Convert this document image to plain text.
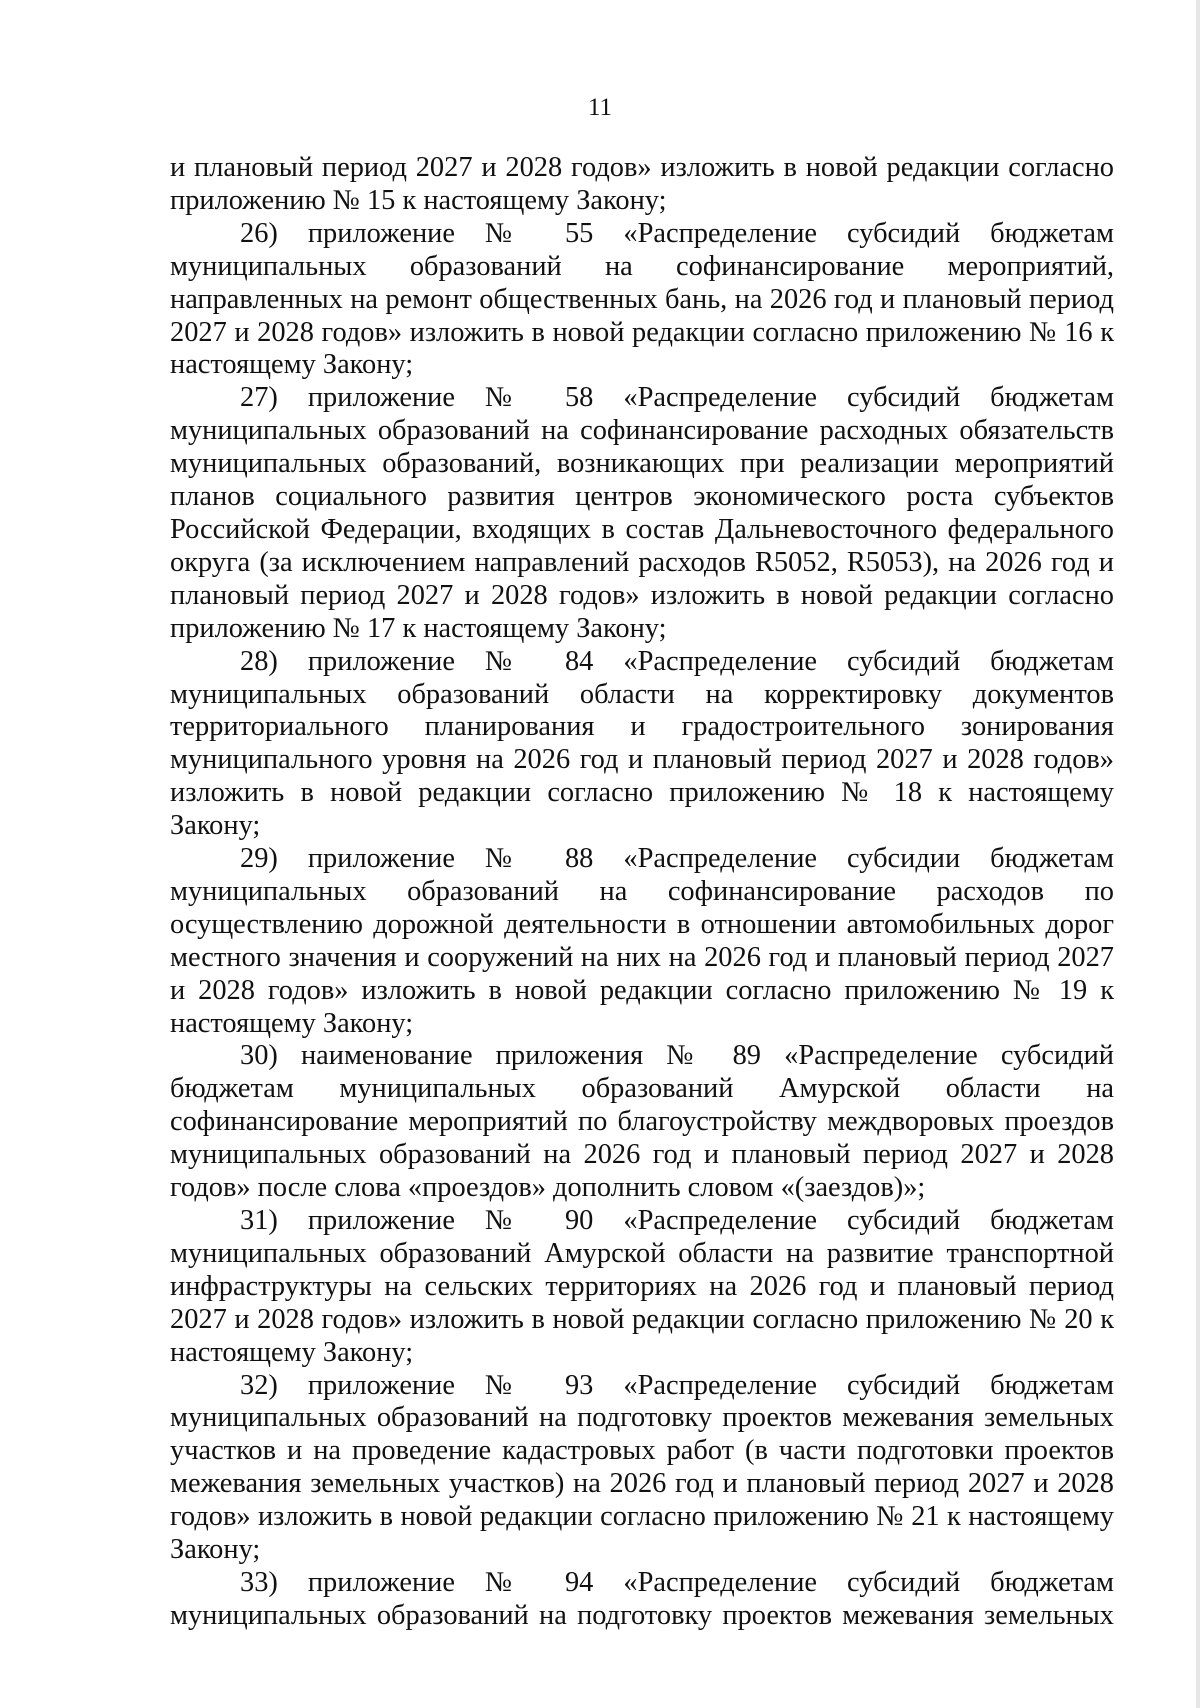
11

и плановый период 2027 и 2028 годов» изложить в новой редакции согласно приложению № 15 к настоящему Закону;

26) приложение № 55 «Распределение субсидий бюджетам муниципальных образований на софинансирование мероприятий, направленных на ремонт общественных бань, на 2026 год и плановый период 2027 и 2028 годов» изложить в новой редакции согласно приложению № 16 к настоящему Закону;

27) приложение № 58 «Распределение субсидий бюджетам муниципальных образований на софинансирование расходных обязательств муниципальных образований, возникающих при реализации мероприятий планов социального развития центров экономического роста субъектов Российской Федерации, входящих в состав Дальневосточного федерального округа (за исключением направлений расходов R5052, R5053), на 2026 год и плановый период 2027 и 2028 годов» изложить в новой редакции согласно приложению № 17 к настоящему Закону;

28) приложение № 84 «Распределение субсидий бюджетам муниципальных образований области на корректировку документов территориального планирования и градостроительного зонирования муниципального уровня на 2026 год и плановый период 2027 и 2028 годов» изложить в новой редакции согласно приложению № 18 к настоящему Закону;

29) приложение № 88 «Распределение субсидии бюджетам муниципальных образований на софинансирование расходов по осуществлению дорожной деятельности в отношении автомобильных дорог местного значения и сооружений на них на 2026 год и плановый период 2027 и 2028 годов» изложить в новой редакции согласно приложению № 19 к настоящему Закону;

30) наименование приложения № 89 «Распределение субсидий бюджетам муниципальных образований Амурской области на софинансирование мероприятий по благоустройству междворовых проездов муниципальных образований на 2026 год и плановый период 2027 и 2028 годов» после слова «проездов» дополнить словом «(заездов)»;

31) приложение № 90 «Распределение субсидий бюджетам муниципальных образований Амурской области на развитие транспортной инфраструктуры на сельских территориях на 2026 год и плановый период 2027 и 2028 годов» изложить в новой редакции согласно приложению № 20 к настоящему Закону;

32) приложение № 93 «Распределение субсидий бюджетам муниципальных образований на подготовку проектов межевания земельных участков и на проведение кадастровых работ (в части подготовки проектов межевания земельных участков) на 2026 год и плановый период 2027 и 2028 годов» изложить в новой редакции согласно приложению № 21 к настоящему Закону;

33) приложение № 94 «Распределение субсидий бюджетам муниципальных образований на подготовку проектов межевания земельных
